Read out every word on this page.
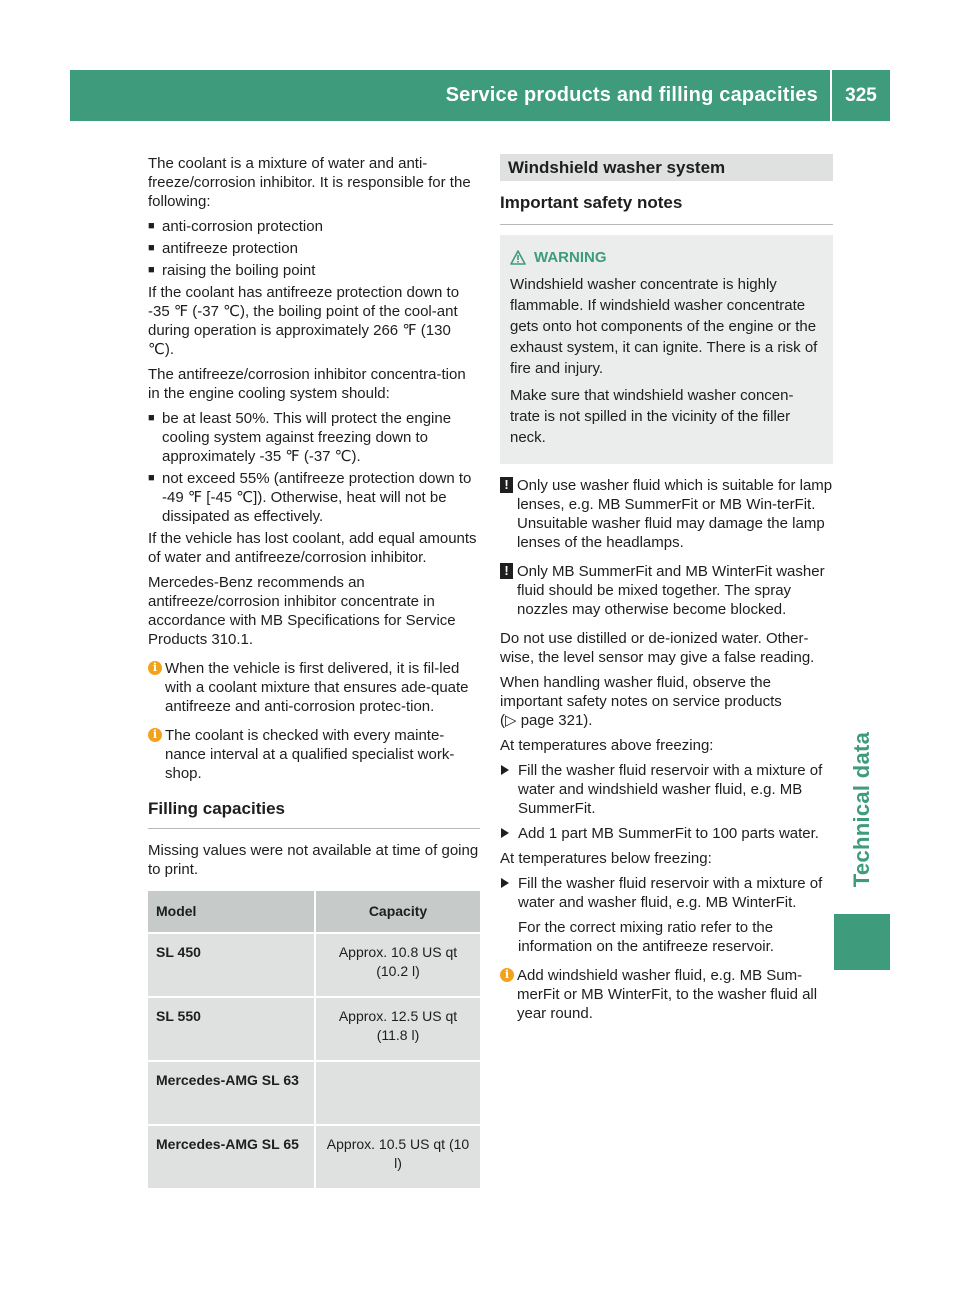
Service products and filling capacities	325
Technical data

The coolant is a mixture of water and anti-freeze/corrosion inhibitor. It is responsible for the following:

■ anti-corrosion protection
■ antifreeze protection
■ raising the boiling point

If the coolant has antifreeze protection down to -35 ℉ (-37 ℃), the boiling point of the cool-ant during operation is approximately 266 ℉ (130 ℃).

The antifreeze/corrosion inhibitor concentra-tion in the engine cooling system should:

■ be at least 50%. This will protect the engine cooling system against freezing down to approximately -35 ℉ (-37 ℃).
■ not exceed 55% (antifreeze protection down to -49 ℉ [-45 ℃]). Otherwise, heat will not be dissipated as effectively.

If the vehicle has lost coolant, add equal amounts of water and antifreeze/corrosion inhibitor.

Mercedes-Benz recommends an antifreeze/corrosion inhibitor concentrate in accordance with MB Specifications for Service Products 310.1.

i When the vehicle is first delivered, it is fil-led with a coolant mixture that ensures ade-quate antifreeze and anti-corrosion protec-tion.
i The coolant is checked with every mainte-nance interval at a qualified specialist work-shop.
Filling capacities

Missing values were not available at time of going to print.

Model	Capacity
SL 450	Approx. 10.8 US qt (10.2 l)
SL 550	Approx. 12.5 US qt (11.8 l)
Mercedes-AMG SL 63	
Mercedes-AMG SL 65	Approx. 10.5 US qt (10 l)
Windshield washer system
Important safety notes
WARNING

Windshield washer concentrate is highly flammable. If windshield washer concentrate gets onto hot components of the engine or the exhaust system, it can ignite. There is a risk of fire and injury.

Make sure that windshield washer concen-trate is not spilled in the vicinity of the filler neck.

! Only use washer fluid which is suitable for lamp lenses, e.g. MB SummerFit or MB Win-terFit. Unsuitable washer fluid may damage the lamp lenses of the headlamps.
! Only MB SummerFit and MB WinterFit washer fluid should be mixed together. The spray nozzles may otherwise become blocked.

Do not use distilled or de-ionized water. Other-wise, the level sensor may give a false reading.

When handling washer fluid, observe the important safety notes on service products
(▷ page 321).

At temperatures above freezing:

Fill the washer fluid reservoir with a mixture of water and windshield washer fluid, e.g. MB SummerFit.
Add 1 part MB SummerFit to 100 parts water.

At temperatures below freezing:

Fill the washer fluid reservoir with a mixture of water and washer fluid, e.g. MB WinterFit.
For the correct mixing ratio refer to the information on the antifreeze reservoir.
i Add windshield washer fluid, e.g. MB Sum-merFit or MB WinterFit, to the washer fluid all year round.
